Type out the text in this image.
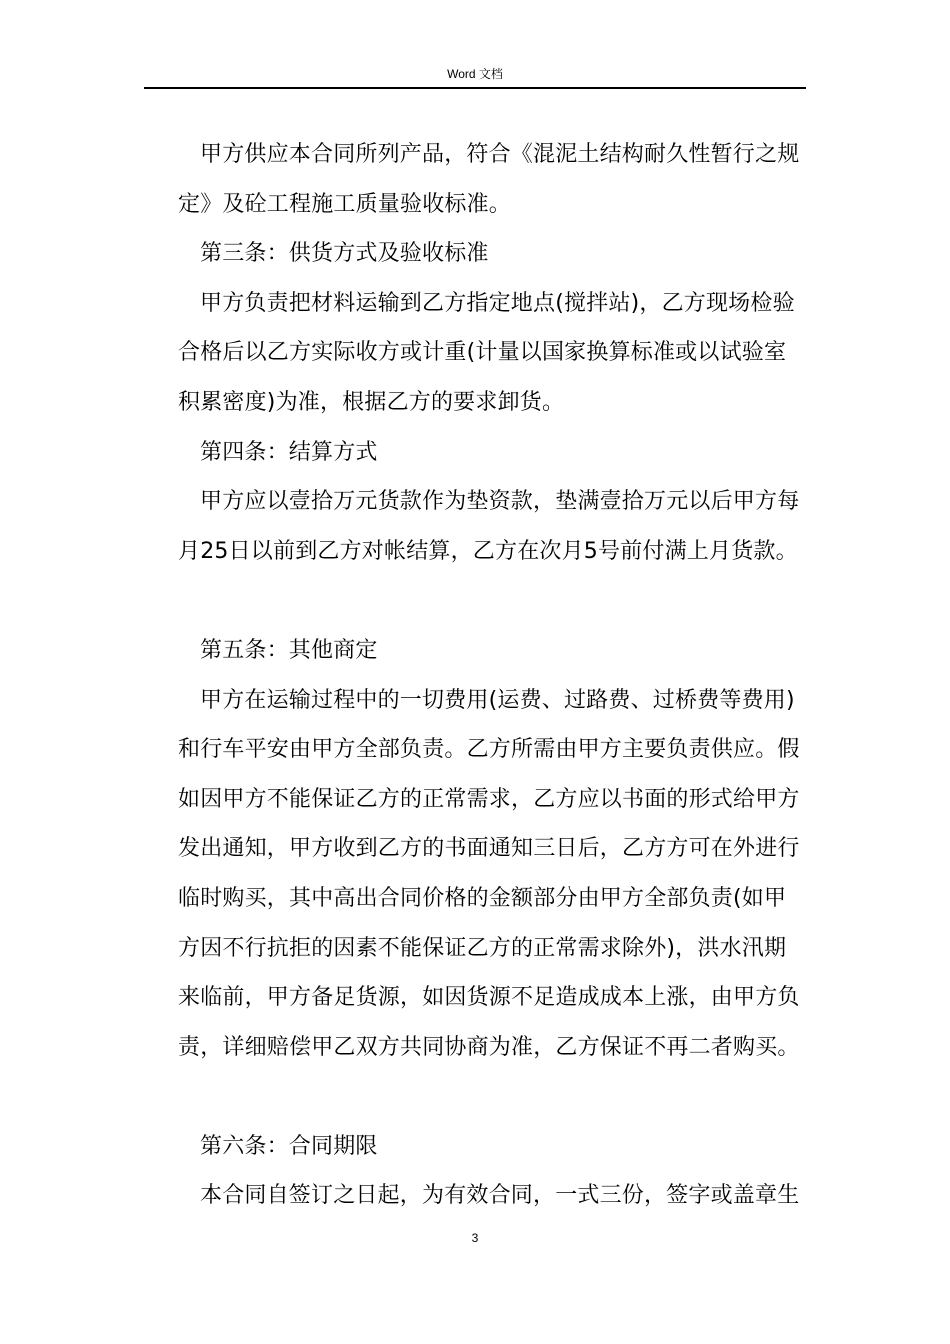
Word 文档

甲方供应本合同所列产品，符合《混泥土结构耐久性暂行之规定》及砼工程施工质量验收标准。

第三条：供货方式及验收标准

甲方负责把材料运输到乙方指定地点(搅拌站)，乙方现场检验合格后以乙方实际收方或计重(计量以国家换算标准或以试验室积累密度)为准，根据乙方的要求卸货。

第四条：结算方式

甲方应以壹拾万元货款作为垫资款，垫满壹拾万元以后甲方每月25日以前到乙方对帐结算，乙方在次月5号前付满上月货款。

第五条：其他商定

甲方在运输过程中的一切费用(运费、过路费、过桥费等费用)和行车平安由甲方全部负责。乙方所需由甲方主要负责供应。假如因甲方不能保证乙方的正常需求，乙方应以书面的形式给甲方发出通知，甲方收到乙方的书面通知三日后，乙方方可在外进行临时购买，其中高出合同价格的金额部分由甲方全部负责(如甲方因不行抗拒的因素不能保证乙方的正常需求除外)，洪水汛期来临前，甲方备足货源，如因货源不足造成成本上涨，由甲方负责，详细赔偿甲乙双方共同协商为准，乙方保证不再二者购买。

第六条：合同期限

本合同自签订之日起，为有效合同，一式三份，签字或盖章生

3
